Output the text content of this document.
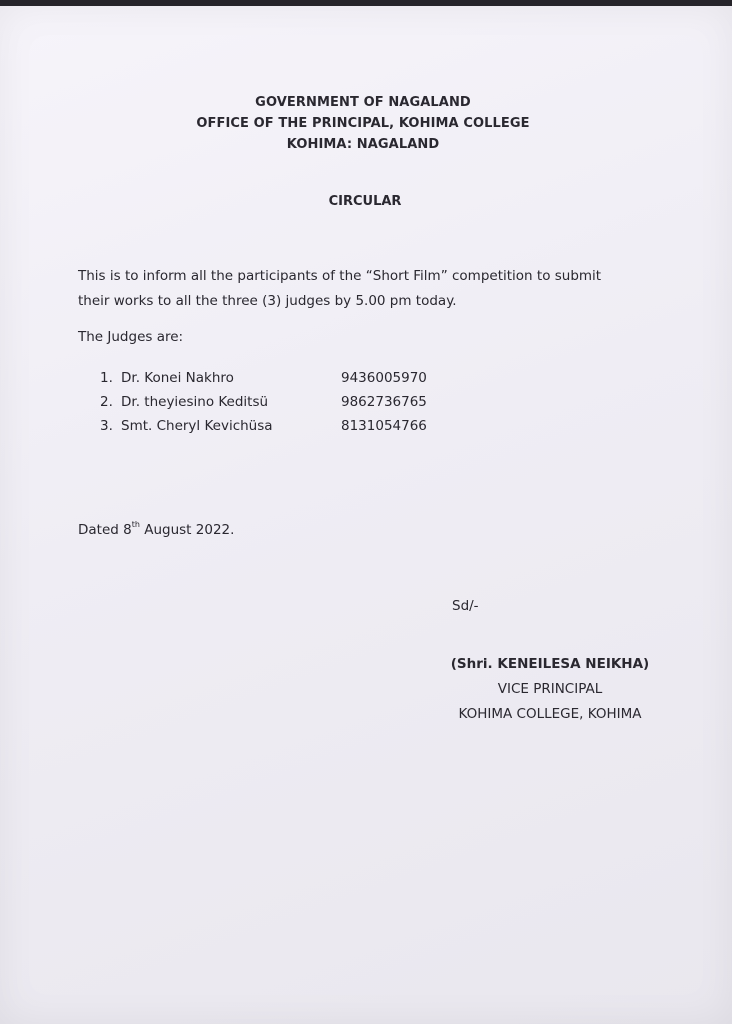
GOVERNMENT OF NAGALAND
OFFICE OF THE PRINCIPAL, KOHIMA COLLEGE
KOHIMA: NAGALAND
CIRCULAR
This is to inform all the participants of the “Short Film” competition to submit
their works to all the three (3) judges by 5.00 pm today.
The Judges are:
1. Dr. Konei Nakhro	9436005970
2. Dr. theyiesino Keditsü	9862736765
3. Smt. Cheryl Kevichüsa	8131054766
Dated 8th August 2022.
Sd/-
(Shri. KENEILESA NEIKHA)
VICE PRINCIPAL
KOHIMA COLLEGE, KOHIMA
